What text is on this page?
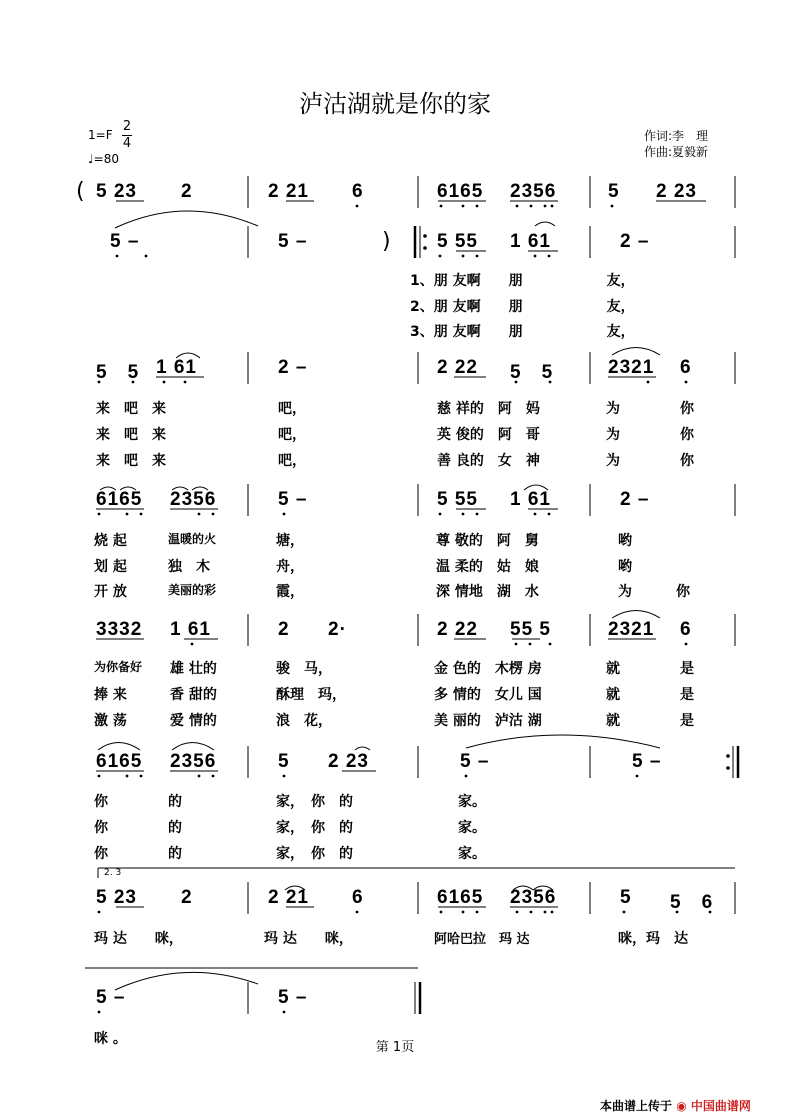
泸沽湖就是你的家
1=F
2
4
♩=80
作词:李　理
作曲:夏毅新
( 5 23 2	2 21 6	6165 2356	5 2 23
5 –	5 –	) 5 55 1 61	2 –
1、朋 友啊　　朋　　　　　　友，
2、朋 友啊　　朋　　　　　　友，
3、朋 友啊　　朋　　　　　　友，
5　5 1 61	2 –	2 22 5　5	2321 6
来　吧　来	吧，	慈 祥的　阿　妈	为	你
来　吧　来	吧，	英 俊的　阿　哥	为	你
来　吧　来	吧，	善 良的　女　神	为	你
6165 2356	5 –	5 55 1 61	2 –
烧 起	温暖的火	塘，	尊 敬的　阿　舅	哟
划 起	独　木	舟，	温 柔的　姑　娘	哟
开 放	美丽的彩	霞，	深 情地　湖　水	为	你
3332 1 61	2 2·	2 22 55 5	2321 6
为你备好 雄 壮的	骏　马，	金 色的　木楞 房	就	是
捧 来	香 甜的	酥理　玛，	多 情的　女儿 国	就	是
激 荡	爱 情的	浪　花，	美 丽的　泸沽 湖	就	是
6165 2356	5 2 23	5 –	5 –
你	的	家，　你　的	家。
你	的	家，　你　的	家。
你	的	家，　你　的	家。
2. 3
5 23 2	2 21 6	6165 2356	5 5　6
玛 达　　咪，	玛 达　　咪，	阿哈巴拉　玛 达	咪，玛　达
5 –	5 –
咪 。
第 1页
本曲谱上传于 ◉ 中国曲谱网
